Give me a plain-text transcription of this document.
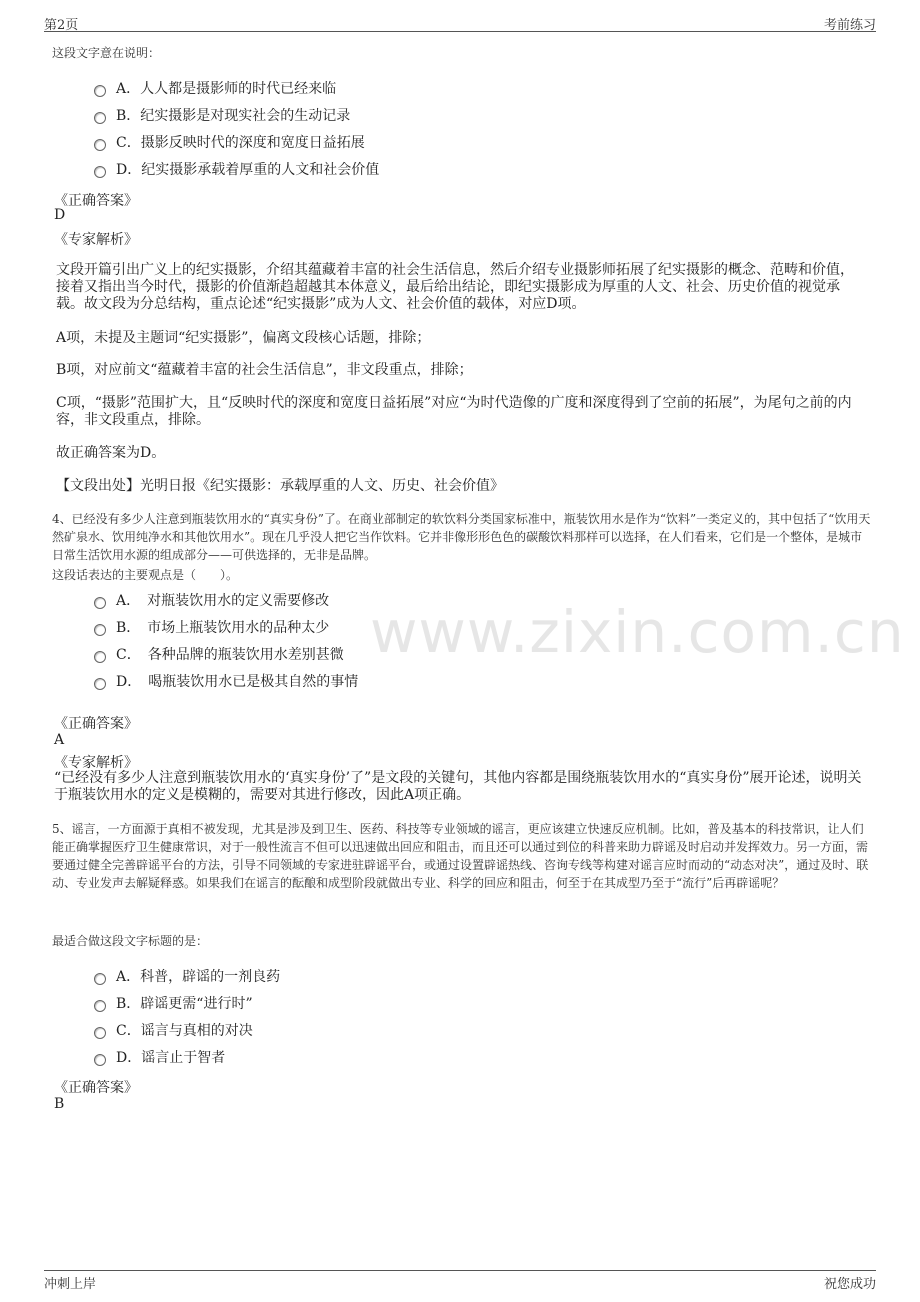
第2页	考前练习
www.zixin.com.cn
这段文字意在说明：
A．人人都是摄影师的时代已经来临
B．纪实摄影是对现实社会的生动记录
C．摄影反映时代的深度和宽度日益拓展
D．纪实摄影承载着厚重的人文和社会价值
《正确答案》
D
《专家解析》
文段开篇引出广义上的纪实摄影，介绍其蕴藏着丰富的社会生活信息，然后介绍专业摄影师拓展了纪实摄影的概念、范畴和价值，接着又指出当今时代，摄影的价值渐趋超越其本体意义，最后给出结论，即纪实摄影成为厚重的人文、社会、历史价值的视觉承载。故文段为分总结构，重点论述“纪实摄影”成为人文、社会价值的载体，对应D项。
A项，未提及主题词“纪实摄影”，偏离文段核心话题，排除；
B项，对应前文“蕴藏着丰富的社会生活信息”，非文段重点，排除；
C项，“摄影”范围扩大，且“反映时代的深度和宽度日益拓展”对应“为时代造像的广度和深度得到了空前的拓展”，为尾句之前的内容，非文段重点，排除。
故正确答案为D。
【文段出处】光明日报《纪实摄影：承载厚重的人文、历史、社会价值》
4、已经没有多少人注意到瓶装饮用水的“真实身份”了。在商业部制定的软饮料分类国家标准中，瓶装饮用水是作为“饮料”一类定义的，其中包括了“饮用天然矿泉水、饮用纯净水和其他饮用水”。现在几乎没人把它当作饮料。它并非像形形色色的碳酸饮料那样可以选择，在人们看来，它们是一个整体，是城市日常生活饮用水源的组成部分——可供选择的，无非是品牌。
这段话表达的主要观点是（　　）。
A．　对瓶装饮用水的定义需要修改
B．　市场上瓶装饮用水的品种太少
C．　各种品牌的瓶装饮用水差别甚微
D．　喝瓶装饮用水已是极其自然的事情
《正确答案》
A
《专家解析》
“已经没有多少人注意到瓶装饮用水的‘真实身份’了”是文段的关键句，其他内容都是围绕瓶装饮用水的“真实身份”展开论述，说明关于瓶装饮用水的定义是模糊的，需要对其进行修改，因此A项正确。
5、谣言，一方面源于真相不被发现，尤其是涉及到卫生、医药、科技等专业领域的谣言，更应该建立快速反应机制。比如，普及基本的科技常识，让人们能正确掌握医疗卫生健康常识，对于一般性流言不但可以迅速做出回应和阻击，而且还可以通过到位的科普来助力辟谣及时启动并发挥效力。另一方面，需要通过健全完善辟谣平台的方法，引导不同领域的专家进驻辟谣平台，或通过设置辟谣热线、咨询专线等构建对谣言应时而动的“动态对决”，通过及时、联动、专业发声去解疑释惑。如果我们在谣言的酝酿和成型阶段就做出专业、科学的回应和阻击，何至于在其成型乃至于“流行”后再辟谣呢？
最适合做这段文字标题的是：
A．科普，辟谣的一剂良药
B．辟谣更需“进行时”
C．谣言与真相的对决
D．谣言止于智者
《正确答案》
B
冲刺上岸	祝您成功
